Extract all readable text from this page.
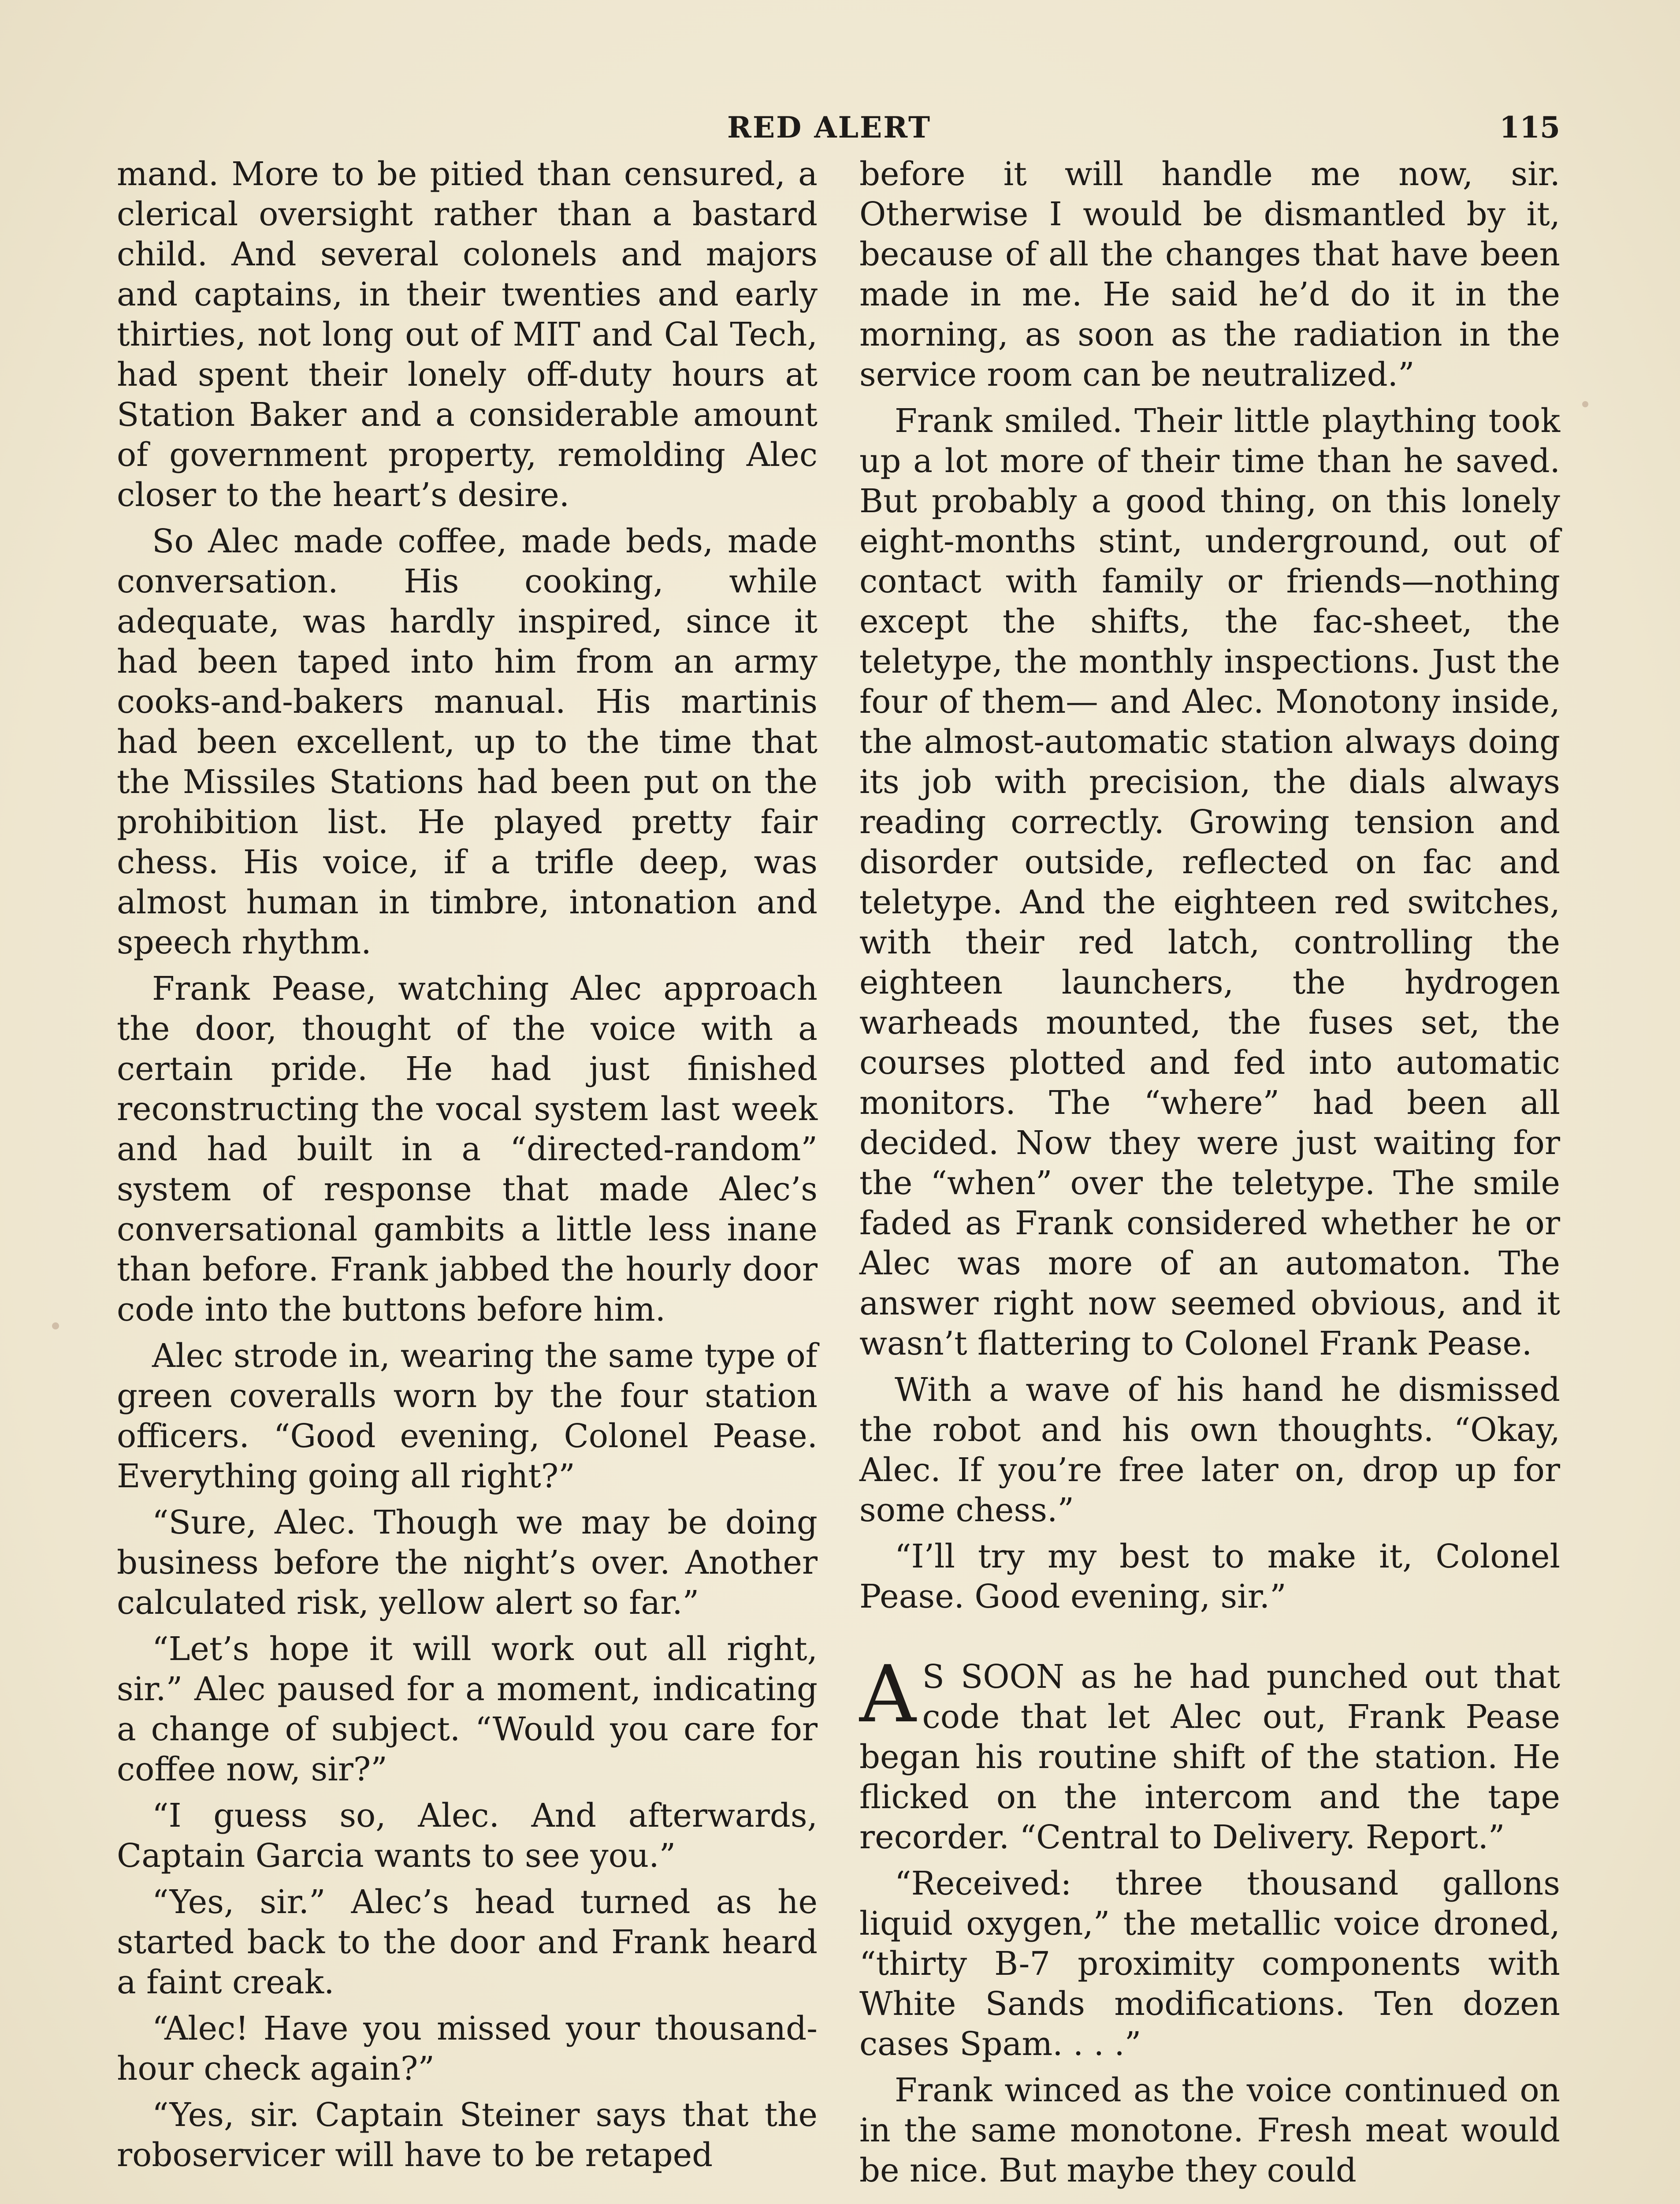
RED ALERT	115

mand. More to be pitied than censured, a clerical oversight rather than a bastard child. And several colonels and majors and captains, in their twenties and early thirties, not long out of MIT and Cal Tech, had spent their lonely off-duty hours at Station Baker and a considerable amount of government property, remolding Alec closer to the heart’s desire.

So Alec made coffee, made beds, made conversation. His cooking, while adequate, was hardly inspired, since it had been taped into him from an army cooks-and-bakers manual. His martinis had been excellent, up to the time that the Missiles Stations had been put on the prohibition list. He played pretty fair chess. His voice, if a trifle deep, was almost human in timbre, intonation and speech rhythm.

Frank Pease, watching Alec approach the door, thought of the voice with a certain pride. He had just finished reconstructing the vocal system last week and had built in a “directed-random” system of response that made Alec’s conversational gambits a little less inane than before. Frank jabbed the hourly door code into the buttons before him.

Alec strode in, wearing the same type of green coveralls worn by the four station officers. “Good evening, Colonel Pease. Everything going all right?”

“Sure, Alec. Though we may be doing business before the night’s over. Another calculated risk, yellow alert so far.”

“Let’s hope it will work out all right, sir.” Alec paused for a moment, indicating a change of subject. “Would you care for coffee now, sir?”

“I guess so, Alec. And afterwards, Captain Garcia wants to see you.”

“Yes, sir.” Alec’s head turned as he started back to the door and Frank heard a faint creak.

“Alec! Have you missed your thousand-hour check again?”

“Yes, sir. Captain Steiner says that the roboservicer will have to be retaped

before it will handle me now, sir. Otherwise I would be dismantled by it, because of all the changes that have been made in me. He said he’d do it in the morning, as soon as the radiation in the service room can be neutralized.”

Frank smiled. Their little plaything took up a lot more of their time than he saved. But probably a good thing, on this lonely eight-months stint, underground, out of contact with family or friends—nothing except the shifts, the fac-sheet, the teletype, the monthly inspections. Just the four of them— and Alec. Monotony inside, the almost-automatic station always doing its job with precision, the dials always reading correctly. Growing tension and disorder outside, reflected on fac and teletype. And the eighteen red switches, with their red latch, controlling the eighteen launchers, the hydrogen warheads mounted, the fuses set, the courses plotted and fed into automatic monitors. The “where” had been all decided. Now they were just waiting for the “when” over the teletype. The smile faded as Frank considered whether he or Alec was more of an automaton. The answer right now seemed obvious, and it wasn’t flattering to Colonel Frank Pease.

With a wave of his hand he dismissed the robot and his own thoughts. “Okay, Alec. If you’re free later on, drop up for some chess.”

“I’ll try my best to make it, Colonel Pease. Good evening, sir.”

A S SOON as he had punched out that code that let Alec out, Frank Pease began his routine shift of the station. He flicked on the intercom and the tape recorder. “Central to Delivery. Report.”

“Received: three thousand gallons liquid oxygen,” the metallic voice droned, “thirty B-7 proximity components with White Sands modifications. Ten dozen cases Spam. . . .”

Frank winced as the voice continued on in the same monotone. Fresh meat would be nice. But maybe they could
